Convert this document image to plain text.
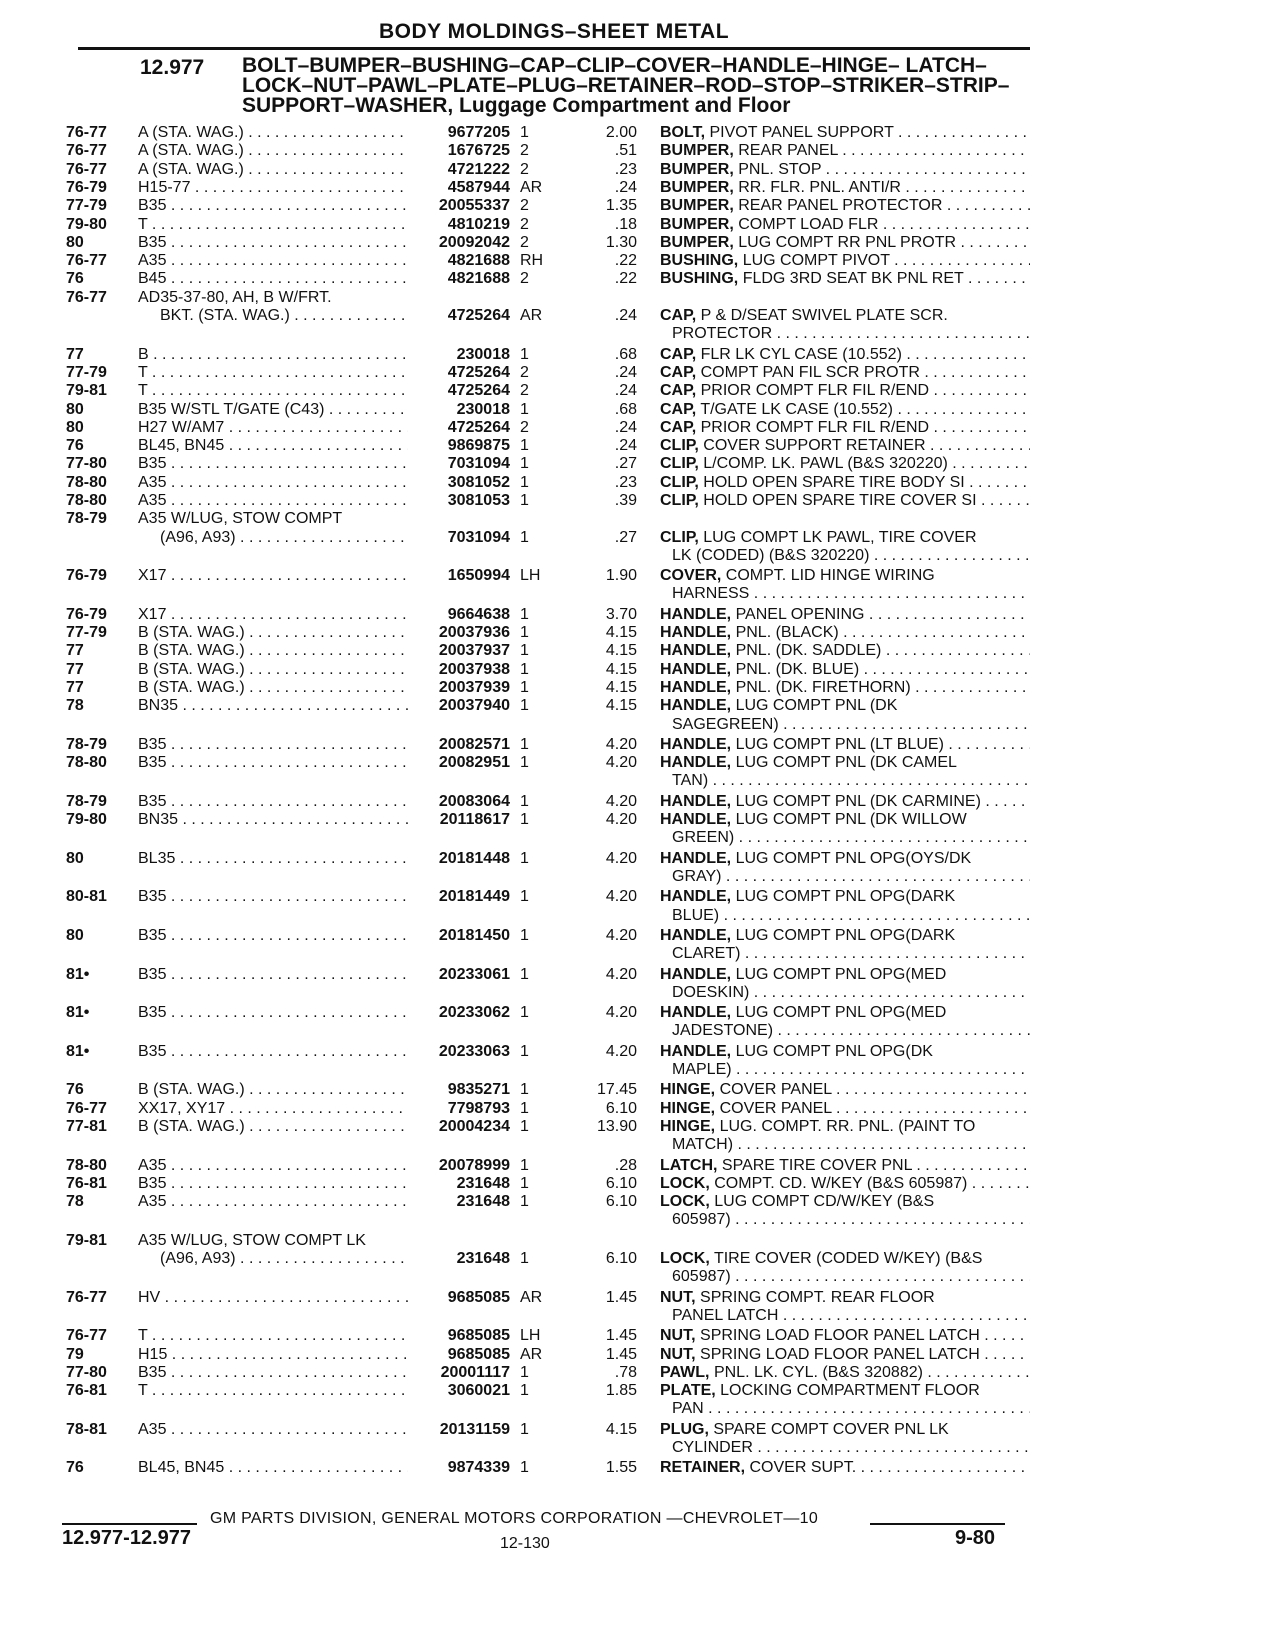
BODY MOLDINGS–SHEET METAL
12.977 BOLT–BUMPER–BUSHING–CAP–CLIP–COVER–HANDLE–HINGE– LATCH–LOCK–NUT–PAWL–PLATE–PLUG–RETAINER–ROD–STOP–STRIKER–STRIP–SUPPORT–WASHER, Luggage Compartment and Floor
76-77	A (STA. WAG.) . . .	9677205 1	2.00 BOLT, PIVOT PANEL SUPPORT . . .
76-77	A (STA. WAG.) . . .	1676725 2	.51 BUMPER, REAR PANEL . . .
76-77	A (STA. WAG.) . . .	4721222 2	.23 BUMPER, PNL. STOP . . .
76-79	H15-77 . . .	4587944 AR	.24 BUMPER, RR. FLR. PNL. ANTI/R . . .
77-79	B35 . . .	20055337 2	1.35 BUMPER, REAR PANEL PROTECTOR . . .
79-80	T . . .	4810219 2	.18 BUMPER, COMPT LOAD FLR . . .
80	B35 . . .	20092042 2	1.30 BUMPER, LUG COMPT RR PNL PROTR . . .
76-77	A35 . . .	4821688 RH	.22 BUSHING, LUG COMPT PIVOT . . .
76	B45 . . .	4821688 2	.22 BUSHING, FLDG 3RD SEAT BK PNL RET . . .
76-77	AD35-37-80, AH, B W/FRT.
BKT. (STA. WAG.) . . .	4725264 AR	.24 CAP, P & D/SEAT SWIVEL PLATE SCR.
PROTECTOR . . .
77	B . . .	230018 1	.68 CAP, FLR LK CYL CASE (10.552) . . .
77-79	T . . .	4725264 2	.24 CAP, COMPT PAN FIL SCR PROTR . . .
79-81	T . . .	4725264 2	.24 CAP, PRIOR COMPT FLR FIL R/END . . .
80	B35 W/STL T/GATE (C43) . . .	230018 1	.68 CAP, T/GATE LK CASE (10.552) . . .
80	H27 W/AM7 . . .	4725264 2	.24 CAP, PRIOR COMPT FLR FIL R/END . . .
76	BL45, BN45 . . .	9869875 1	.24 CLIP, COVER SUPPORT RETAINER . . .
77-80	B35 . . .	7031094 1	.27 CLIP, L/COMP. LK. PAWL (B&S 320220) . . .
78-80	A35 . . .	3081052 1	.23 CLIP, HOLD OPEN SPARE TIRE BODY SI . . .
78-80	A35 . . .	3081053 1	.39 CLIP, HOLD OPEN SPARE TIRE COVER SI . . .
78-79	A35 W/LUG, STOW COMPT
(A96, A93) . . .	7031094 1	.27 CLIP, LUG COMPT LK PAWL, TIRE COVER
LK (CODED) (B&S 320220) . . .
76-79	X17 . . .	1650994 LH	1.90 COVER, COMPT. LID HINGE WIRING
HARNESS . . .
76-79	X17 . . .	9664638 1	3.70 HANDLE, PANEL OPENING . . .
77-79	B (STA. WAG.) . . .	20037936 1	4.15 HANDLE, PNL. (BLACK) . . .
77	B (STA. WAG.) . . .	20037937 1	4.15 HANDLE, PNL. (DK. SADDLE) . . .
77	B (STA. WAG.) . . .	20037938 1	4.15 HANDLE, PNL. (DK. BLUE) . . .
77	B (STA. WAG.) . . .	20037939 1	4.15 HANDLE, PNL. (DK. FIRETHORN) . . .
78	BN35 . . .	20037940 1	4.15 HANDLE, LUG COMPT PNL (DK
SAGEGREEN) . . .
78-79	B35 . . .	20082571 1	4.20 HANDLE, LUG COMPT PNL (LT BLUE) . . .
78-80	B35 . . .	20082951 1	4.20 HANDLE, LUG COMPT PNL (DK CAMEL
TAN) . . .
78-79	B35 . . .	20083064 1	4.20 HANDLE, LUG COMPT PNL (DK CARMINE) . . .
79-80	BN35 . . .	20118617 1	4.20 HANDLE, LUG COMPT PNL (DK WILLOW
GREEN) . . .
80	BL35 . . .	20181448 1	4.20 HANDLE, LUG COMPT PNL OPG(OYS/DK
GRAY) . . .
80-81	B35 . . .	20181449 1	4.20 HANDLE, LUG COMPT PNL OPG(DARK
BLUE) . . .
80	B35 . . .	20181450 1	4.20 HANDLE, LUG COMPT PNL OPG(DARK
CLARET) . . .
81•	B35 . . .	20233061 1	4.20 HANDLE, LUG COMPT PNL OPG(MED
DOESKIN) . . .
81•	B35 . . .	20233062 1	4.20 HANDLE, LUG COMPT PNL OPG(MED
JADESTONE) . . .
81•	B35 . . .	20233063 1	4.20 HANDLE, LUG COMPT PNL OPG(DK
MAPLE) . . .
76	B (STA. WAG.) . . .	9835271 1	17.45 HINGE, COVER PANEL . . .
76-77	XX17, XY17 . . .	7798793 1	6.10 HINGE, COVER PANEL . . .
77-81	B (STA. WAG.) . . .	20004234 1	13.90 HINGE, LUG. COMPT. RR. PNL. (PAINT TO
MATCH) . . .
78-80	A35 . . .	20078999 1	.28 LATCH, SPARE TIRE COVER PNL . . .
76-81	B35 . . .	231648 1	6.10 LOCK, COMPT. CD. W/KEY (B&S 605987) . . .
78	A35 . . .	231648 1	6.10 LOCK, LUG COMPT CD/W/KEY (B&S
605987) . . .
79-81	A35 W/LUG, STOW COMPT LK
(A96, A93) . . .	231648 1	6.10 LOCK, TIRE COVER (CODED W/KEY) (B&S
605987) . . .
76-77	HV . . .	9685085 AR	1.45 NUT, SPRING COMPT. REAR FLOOR
PANEL LATCH . . .
76-77	T . . .	9685085 LH	1.45 NUT, SPRING LOAD FLOOR PANEL LATCH . . .
79	H15 . . .	9685085 AR	1.45 NUT, SPRING LOAD FLOOR PANEL LATCH . . .
77-80	B35 . . .	20001117 1	.78 PAWL, PNL. LK. CYL. (B&S 320882) . . .
76-81	T . . .	3060021 1	1.85 PLATE, LOCKING COMPARTMENT FLOOR
PAN . . .
78-81	A35 . . .	20131159 1	4.15 PLUG, SPARE COMPT COVER PNL LK
CYLINDER . . .
76	BL45, BN45 . . .	9874339 1	1.55 RETAINER, COVER SUPT. . . .
GM PARTS DIVISION, GENERAL MOTORS CORPORATION —CHEVROLET—10
12.977-12.977	12-130	9-80
